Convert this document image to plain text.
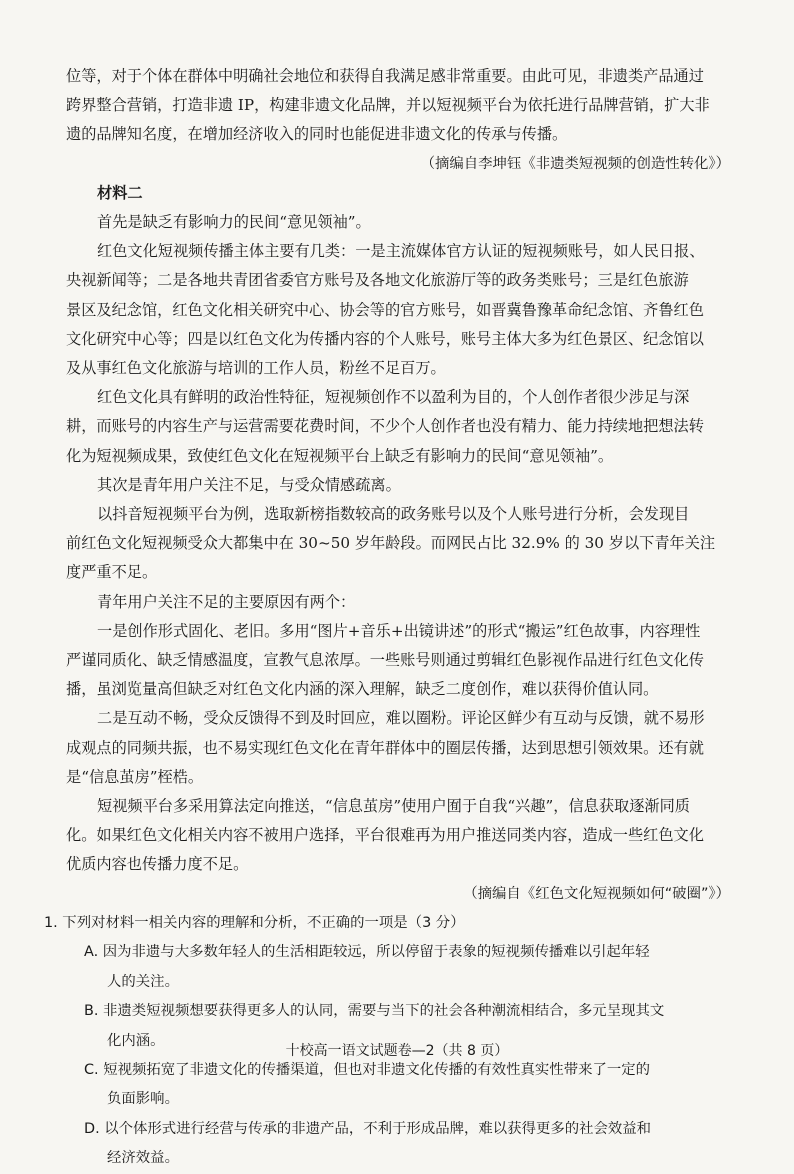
位等，对于个体在群体中明确社会地位和获得自我满足感非常重要。由此可见，非遗类产品通过
跨界整合营销，打造非遗 IP，构建非遗文化品牌，并以短视频平台为依托进行品牌营销，扩大非
遗的品牌知名度，在增加经济收入的同时也能促进非遗文化的传承与传播。
（摘编自李坤钰《非遗类短视频的创造性转化》）
材料二
首先是缺乏有影响力的民间“意见领袖”。
红色文化短视频传播主体主要有几类：一是主流媒体官方认证的短视频账号，如人民日报、
央视新闻等；二是各地共青团省委官方账号及各地文化旅游厅等的政务类账号；三是红色旅游
景区及纪念馆，红色文化相关研究中心、协会等的官方账号，如晋冀鲁豫革命纪念馆、齐鲁红色
文化研究中心等；四是以红色文化为传播内容的个人账号，账号主体大多为红色景区、纪念馆以
及从事红色文化旅游与培训的工作人员，粉丝不足百万。
红色文化具有鲜明的政治性特征，短视频创作不以盈利为目的，个人创作者很少涉足与深
耕，而账号的内容生产与运营需要花费时间，不少个人创作者也没有精力、能力持续地把想法转
化为短视频成果，致使红色文化在短视频平台上缺乏有影响力的民间“意见领袖”。
其次是青年用户关注不足，与受众情感疏离。
以抖音短视频平台为例，选取新榜指数较高的政务账号以及个人账号进行分析，会发现目
前红色文化短视频受众大都集中在 30~50 岁年龄段。而网民占比 32.9% 的 30 岁以下青年关注
度严重不足。
青年用户关注不足的主要原因有两个：
一是创作形式固化、老旧。多用“图片+音乐+出镜讲述”的形式“搬运”红色故事，内容理性
严谨同质化、缺乏情感温度，宣教气息浓厚。一些账号则通过剪辑红色影视作品进行红色文化传
播，虽浏览量高但缺乏对红色文化内涵的深入理解，缺乏二度创作，难以获得价值认同。
二是互动不畅，受众反馈得不到及时回应，难以圈粉。评论区鲜少有互动与反馈，就不易形
成观点的同频共振，也不易实现红色文化在青年群体中的圈层传播，达到思想引领效果。还有就
是“信息茧房”桎梏。
短视频平台多采用算法定向推送，“信息茧房”使用户囿于自我“兴趣”，信息获取逐渐同质
化。如果红色文化相关内容不被用户选择，平台很难再为用户推送同类内容，造成一些红色文化
优质内容也传播力度不足。
（摘编自《红色文化短视频如何“破圈”》）
1. 下列对材料一相关内容的理解和分析，不正确的一项是（3 分）
A. 因为非遗与大多数年轻人的生活相距较远，所以停留于表象的短视频传播难以引起年轻
人的关注。
B. 非遗类短视频想要获得更多人的认同，需要与当下的社会各种潮流相结合，多元呈现其文
化内涵。
C. 短视频拓宽了非遗文化的传播渠道，但也对非遗文化传播的有效性真实性带来了一定的
负面影响。
D. 以个体形式进行经营与传承的非遗产品，不利于形成品牌，难以获得更多的社会效益和
经济效益。
十校高一语文试题卷—2（共 8 页）
